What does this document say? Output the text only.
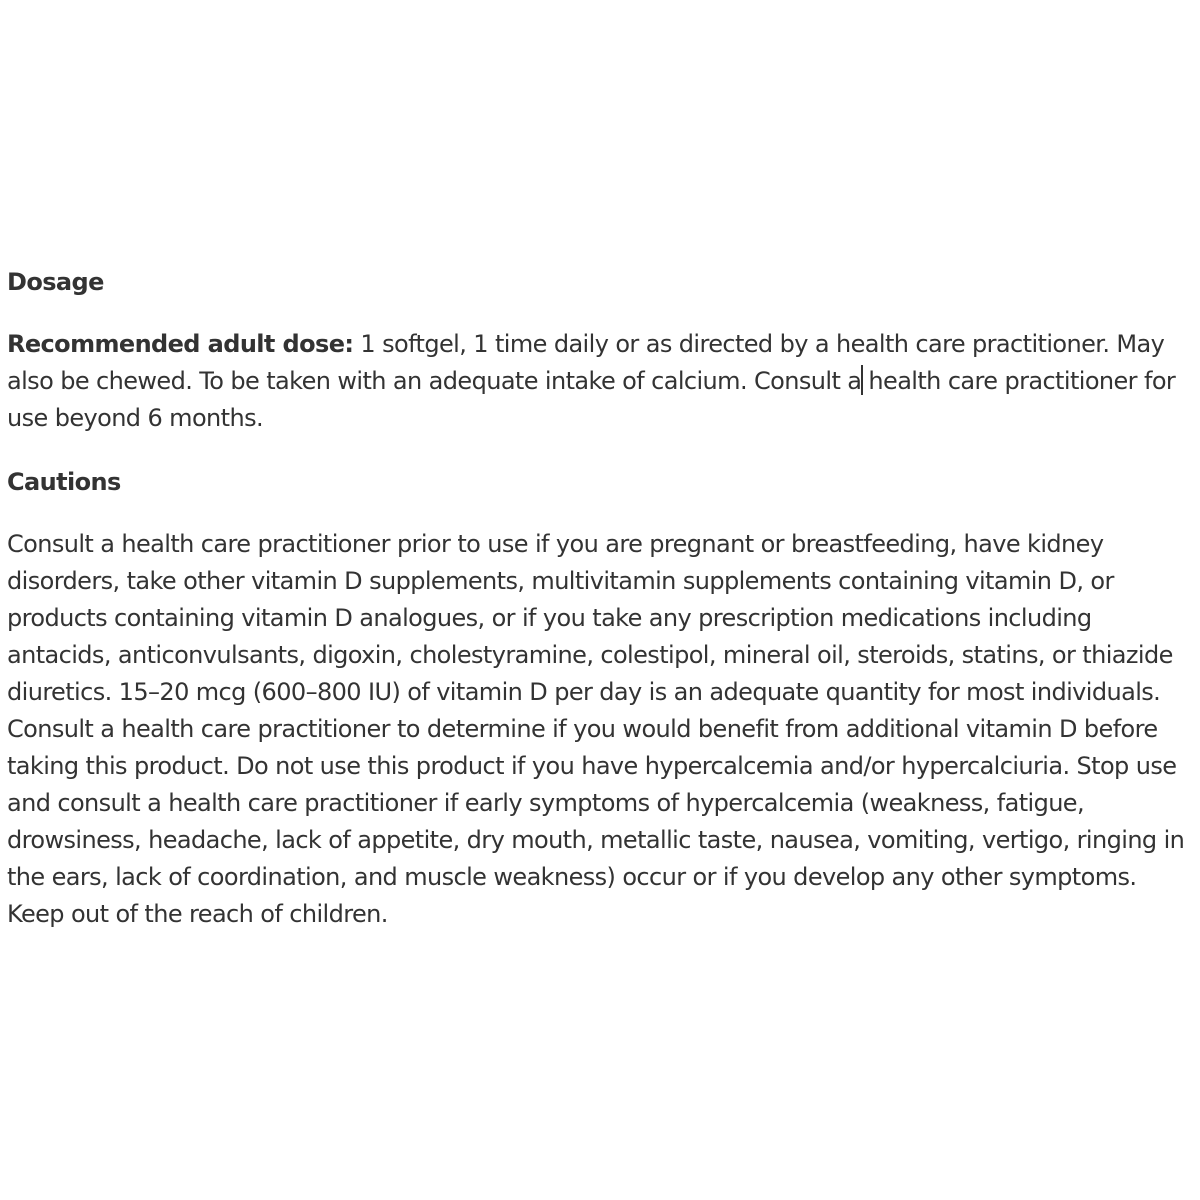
Dosage

Recommended adult dose: 1 softgel, 1 time daily or as directed by a health care practitioner. May also be chewed. To be taken with an adequate intake of calcium. Consult a health care practitioner for use beyond 6 months.

Cautions

Consult a health care practitioner prior to use if you are pregnant or breastfeeding, have kidney disorders, take other vitamin D supplements, multivitamin supplements containing vitamin D, or products containing vitamin D analogues, or if you take any prescription medications including antacids, anticonvulsants, digoxin, cholestyramine, colestipol, mineral oil, steroids, statins, or thiazide diuretics. 15–20 mcg (600–800 IU) of vitamin D per day is an adequate quantity for most individuals. Consult a health care practitioner to determine if you would benefit from additional vitamin D before taking this product. Do not use this product if you have hypercalcemia and/or hypercalciuria. Stop use and consult a health care practitioner if early symptoms of hypercalcemia (weakness, fatigue, drowsiness, headache, lack of appetite, dry mouth, metallic taste, nausea, vomiting, vertigo, ringing in the ears, lack of coordination, and muscle weakness) occur or if you develop any other symptoms. Keep out of the reach of children.
